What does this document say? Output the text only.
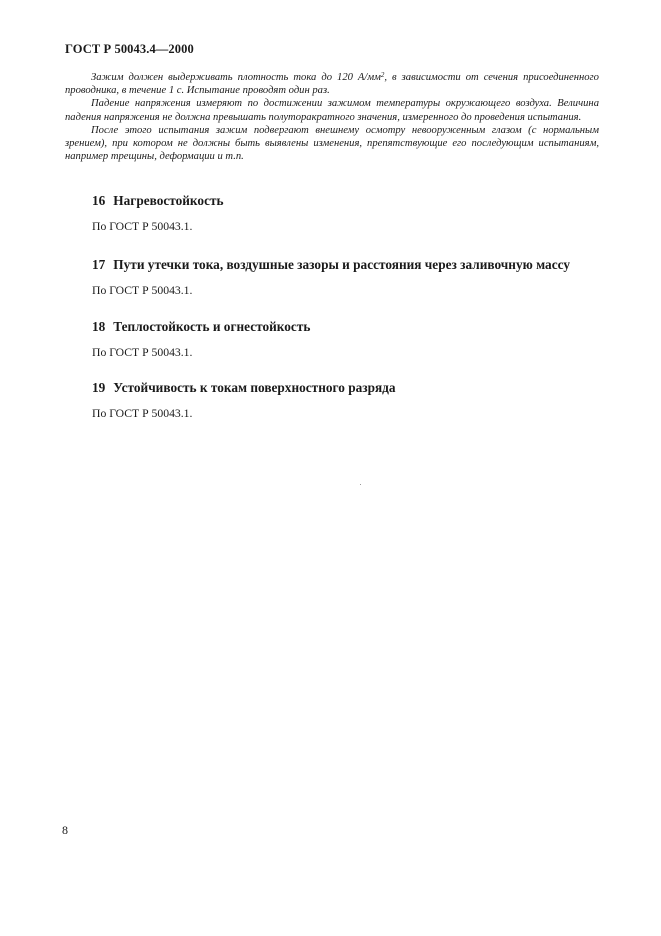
ГОСТ Р 50043.4—2000

Зажим должен выдерживать плотность тока до 120 $А/мм^2$, в зависимости от сечения присоединенного проводника, в течение 1 с. Испытание проводят один раз.

Падение напряжения измеряют по достижении зажимом температуры окружающего воздуха. Величина падения напряжения не должна превышать полуторакратного значения, измеренного до проведения испытания.

После этого испытания зажим подвергают внешнему осмотру невооруженным глазом (с нормальным зрением), при котором не должны быть выявлены изменения, препятствующие его последующим испытаниям, например трещины, деформации и т.п.

16 Нагревостойкость
По ГОСТ Р 50043.1.
17 Пути утечки тока, воздушные зазоры и расстояния через заливочную массу
По ГОСТ Р 50043.1.
18 Теплостойкость и огнестойкость
По ГОСТ Р 50043.1.
19 Устойчивость к токам поверхностного разряда
По ГОСТ Р 50043.1.
8
